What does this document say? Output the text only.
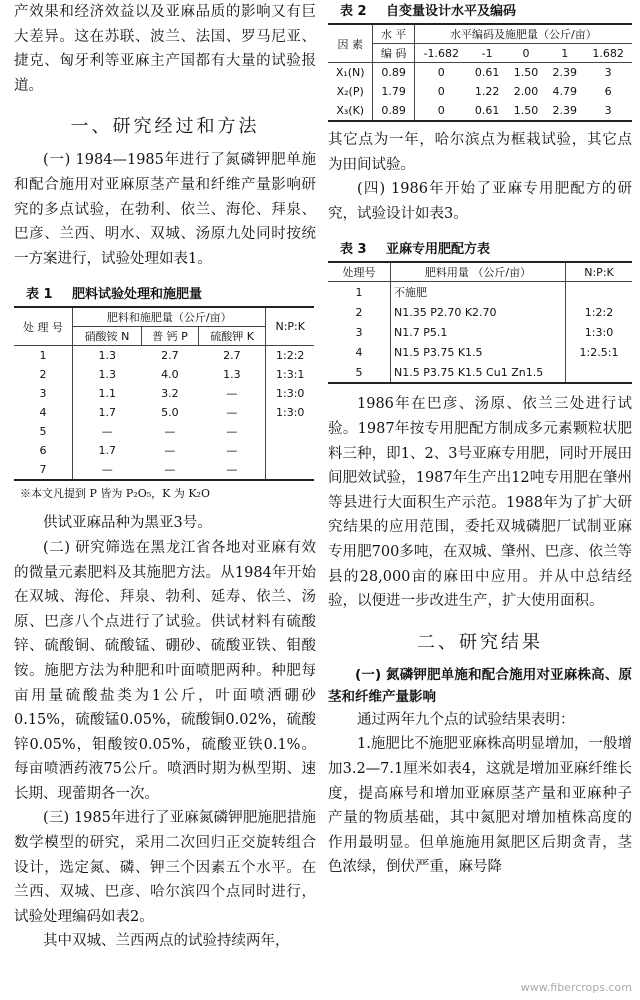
产效果和经济效益以及亚麻品质的影响又有巨大差异。这在苏联、波兰、法国、罗马尼亚、捷克、匈牙利等亚麻主产国都有大量的试验报道。

一、研究经过和方法

(一) 1984—1985年进行了氮磷钾肥单施和配合施用对亚麻原茎产量和纤维产量影响研究的多点试验，在勃利、依兰、海伦、拜泉、巴彦、兰西、明水、双城、汤原九处同时按统一方案进行，试验处理如表1。

表 1 肥料试验处理和施肥量
处 理 号	肥料和施肥量（公斤/亩）			N:P:K
	硝酸铵 N	普 钙 P	硫酸钾 K	
1	1.3	2.7	2.7	1:2:2
2	1.3	4.0	1.3	1:3:1
3	1.1	3.2	—	1:3:0
4	1.7	5.0	—	1:3:0
5	—	—	—	
6	1.7	—	—	
7	—	—	—	
※本文凡提到 P 皆为 P₂O₅，K 为 K₂O

供试亚麻品种为黑亚3号。

(二) 研究筛选在黑龙江省各地对亚麻有效的微量元素肥料及其施肥方法。从1984年开始在双城、海伦、拜泉、勃利、延寿、依兰、汤原、巴彦八个点进行了试验。供试材料有硫酸锌、硫酸铜、硫酸锰、硼砂、硫酸亚铁、钼酸铵。施肥方法为种肥和叶面喷肥两种。种肥每亩用量硫酸盐类为1公斤，叶面喷洒硼砂0.15%，硫酸锰0.05%，硫酸铜0.02%，硫酸锌0.05%，钼酸铵0.05%，硫酸亚铁0.1%。每亩喷洒药液75公斤。喷洒时期为枞型期、速长期、现蕾期各一次。

(三) 1985年进行了亚麻氮磷钾肥施肥措施数学模型的研究，采用二次回归正交旋转组合设计，选定氮、磷、钾三个因素五个水平。在兰西、双城、巴彦、哈尔滨四个点同时进行，试验处理编码如表2。

其中双城、兰西两点的试验持续两年，

表 2 自变量设计水平及编码
因 素	水 平	水平编码及施肥量（公斤/亩）				
	编 码	-1.682	-1	0	1	1.682
X₁(N)	0.89	0	0.61	1.50	2.39	3
X₂(P)	1.79	0	1.22	2.00	4.79	6
X₃(K)	0.89	0	0.61	1.50	2.39	3

其它点为一年，哈尔滨点为框栽试验，其它点为田间试验。

(四) 1986年开始了亚麻专用肥配方的研究，试验设计如表3。

表 3 亚麻专用肥配方表
处理号	肥料用量 （公斤/亩）	N:P:K
1	不施肥	
2	N1.35 P2.70 K2.70	1:2:2
3	N1.7 P5.1	1:3:0
4	N1.5 P3.75 K1.5	1:2.5:1
5	N1.5 P3.75 K1.5 Cu1 Zn1.5	

1986年在巴彦、汤原、依兰三处进行试验。1987年按专用肥配方制成多元素颗粒状肥料三种，即1、2、3号亚麻专用肥，同时开展田间肥效试验，1987年生产出12吨专用肥在肇州等县进行大面积生产示范。1988年为了扩大研究结果的应用范围，委托双城磷肥厂试制亚麻专用肥700多吨，在双城、肇州、巴彦、依兰等县的28,000亩的麻田中应用。并从中总结经验，以便进一步改进生产，扩大使用面积。

二、研究结果

(一) 氮磷钾肥单施和配合施用对亚麻株高、原茎和纤维产量影响

通过两年九个点的试验结果表明：

1.施肥比不施肥亚麻株高明显增加，一般增加3.2—7.1厘米如表4，这就是增加亚麻纤维长度，提高麻号和增加亚麻原茎产量和亚麻种子产量的物质基础，其中氮肥对增加植株高度的作用最明显。但单施施用氮肥区后期贪青，茎色浓绿，倒伏严重，麻号降

www.fibercrops.com
